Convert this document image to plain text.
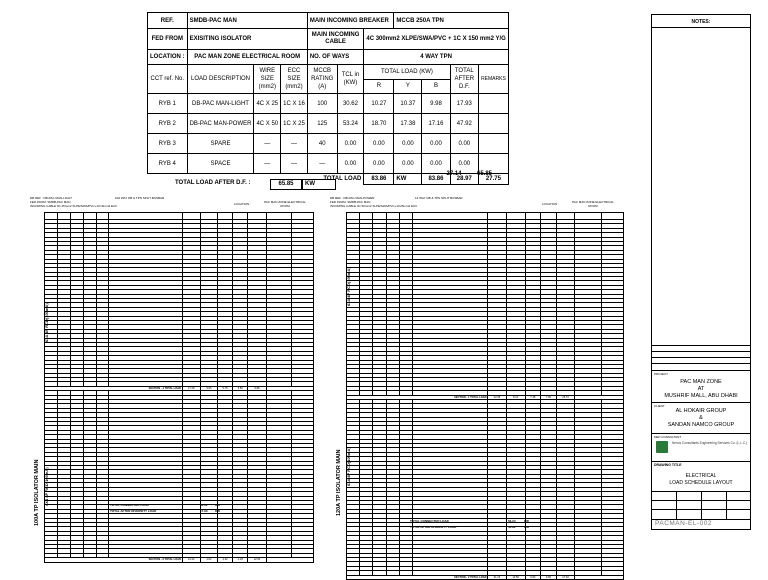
REF.	SMDB-PAC MAN			MAIN INCOMING BREAKER			MCCB 250A TPN			
FED FROM	EXISITING ISOLATOR			MAIN INCOMING CABLE		4C 300mm2 XLPE/SWA/PVC + 1C X 150 mm2 Y/G				
LOCATION :	PAC MAN ZONE ELECTRICAL ROOM			NO. OF WAYS		4 WAY TPN				
CCT ref. No.	LOAD DESCRIPTION	WIRE SIZE (mm2)	ECC SIZE (mm2)	MCCB RATING (A)	TCL in (KW)	TOTAL LOAD (KW)			TOTAL AFTER D.F.	REMARKS
						R	Y	B		
RYB 1	DB-PAC MAN-LIGHT	4C X 25	1C X 16	100	30.62	10.27	10.37	9.98	17.93	
RYB 2	DB-PAC MAN-POWER	4C X 50	1C X 25	125	53.24	18.70	17.38	17.16	47.92	
RYB 3	SPARE	—	—	40	0.00	0.00	0.00	0.00	0.00	
RYB 4	SPACE	—	—	—	0.00	0.00	0.00	0.00	0.00	
				TOTAL LOAD		83.86	KW	83.86	28.97	27.75
TOTAL LOAD AFTER D.F. :	65.85	KW
27.14	65.85
DB REF : DB-PAC MAN-LIGHT
FED FROM: SMDB-PAC MAN
INCOMING CABLE 4C 25mm2 XLPE/SWA/PVC+1C16mm2 ECC
100 WAY DB & TPN SPLIT BUSBAR
LOCATION :	PAC MAN ZONE ELECTRICAL ROOM

SECTION - 1 TOTAL LOAD						17.28	9.65	5.75	5.80	9.88		

SECTION - 2 TOTAL LOAD						13.42	4.62	4.62	4.18	12.66		
100A TP ISOLATOR MAIN 4X4 4P RCD(100mA)
63A 4P RCD(100mA)
TOTAL CONNECTED LOAD	30.62 KW
TOTAL AFTER DIVERSITY LOAD	17.93 KW
DB REF : DB-PAC MAN-POWER
FED FROM: SMDB-PAC MAN
INCOMING CABLE 4C 50mm2 XLPE/SWA/PVC+1C25mm2 ECC
14 WAY DB & TPN SPLIT BUSBAR
LOCATION :	PAC MAN ZONE ELECTRICAL ROOM

SECTION - 1 TOTAL LOAD						22.08	8.14	7.48	7.06	25.72		

SECTION - 2 TOTAL LOAD						31.16	10.56	9.90	9.90	17.32		
120A TP ISOLATOR MAIN 63A 4P RCD(100mA)
63A 4P RCD(100mA)
TOTAL CONNECTED LOAD	53.24	KW
TOTAL AFTER DIVERSITY LOAD	41.92	KW
NOTES:
PROJECT
PAC MAN ZONE
AT
MUSHRIF MALL, ABU DHABI
CLIENT
AL HOKAIR GROUP
&
SANDAN NAMCO GROUP
MEP CONSULTANT
Nexus Consultants Engineering Services Co. (L.L.C.)
DRAWING TITLE
ELECTRICAL
LOAD SCHEDULE LAYOUT
PACMAN-EL-002
